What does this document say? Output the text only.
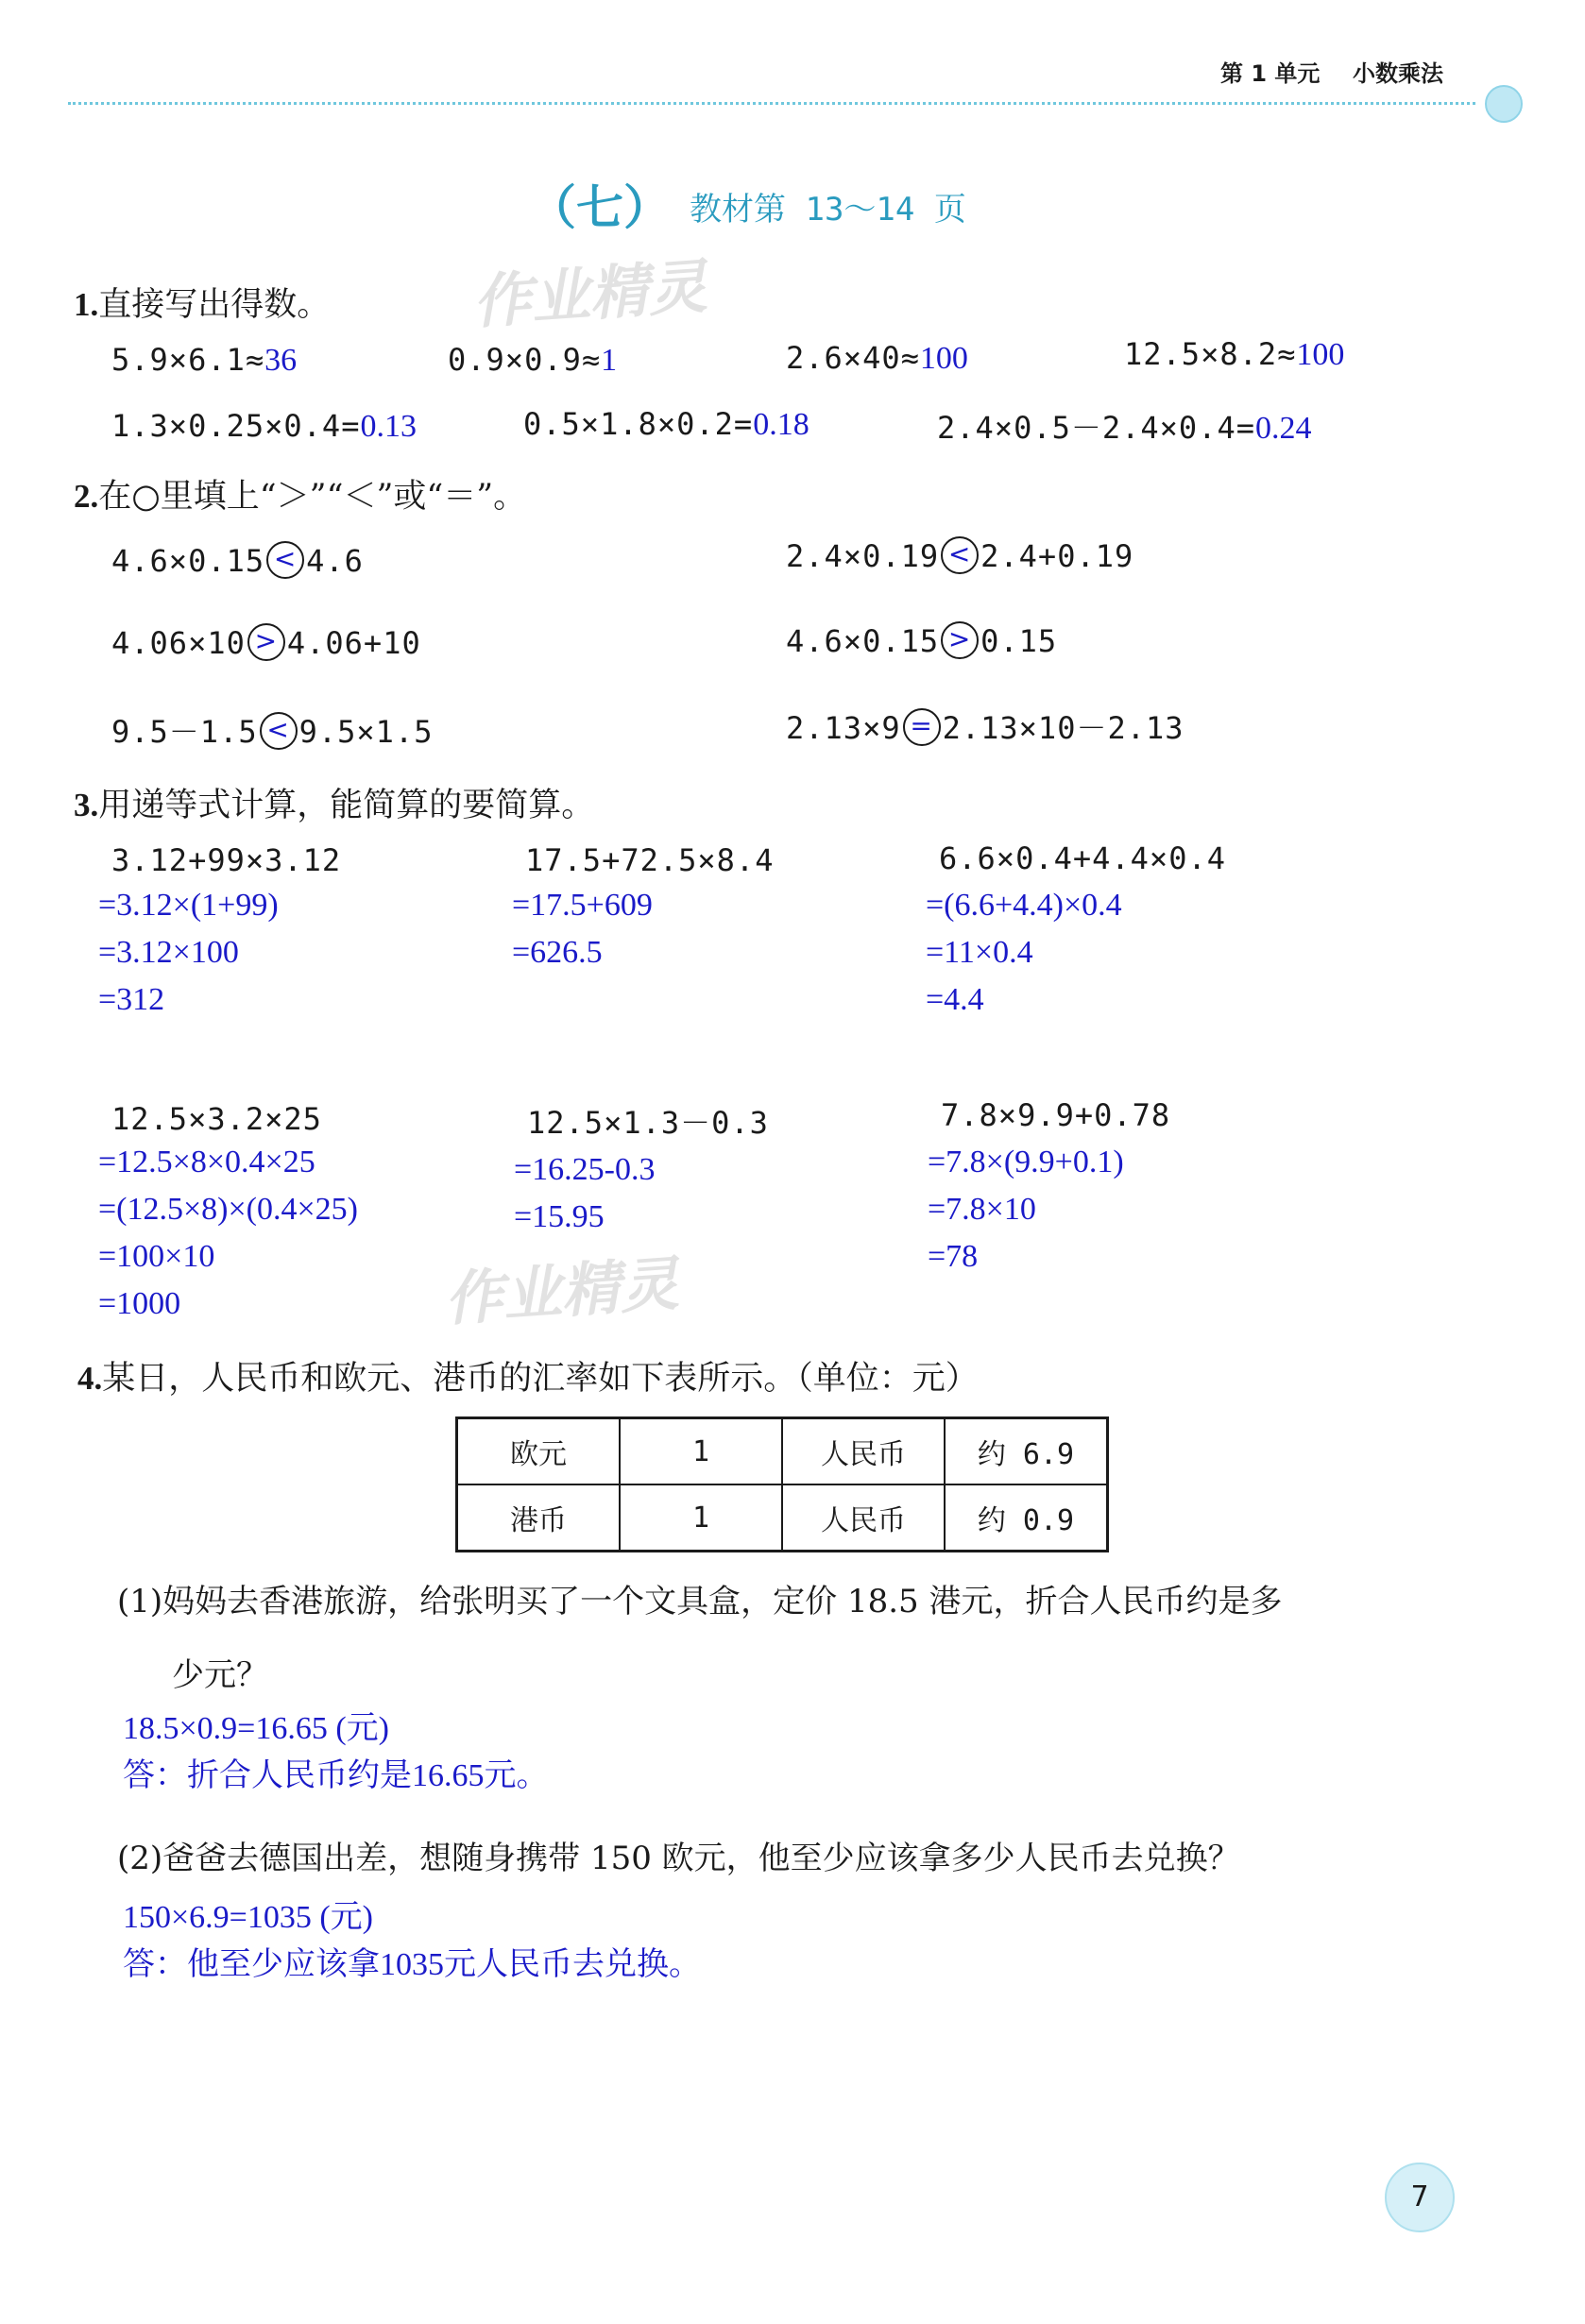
第 1 单元 小数乘法
（七） 教材第 13～14 页
作业精灵
作业精灵
1.直接写出得数。
5.9×6.1≈36	0.9×0.9≈1	2.6×40≈100	12.5×8.2≈100
1.3×0.25×0.4=0.13	0.5×1.8×0.2=0.18	2.4×0.5－2.4×0.4=0.24
2.在○里填上“＞”“＜”或“＝”。
4.6×0.15 < 4.6	2.4×0.19 < 2.4+0.19
4.06×10 > 4.06+10	4.6×0.15 > 0.15
9.5－1.5 < 9.5×1.5	2.13×9 = 2.13×10－2.13
3.用递等式计算，能简算的要简算。
3.12+99×3.12
=3.12×(1+99)
=3.12×100
=312
17.5+72.5×8.4
=17.5+609
=626.5
6.6×0.4+4.4×0.4
=(6.6+4.4)×0.4
=11×0.4
=4.4
12.5×3.2×25
=12.5×8×0.4×25
=(12.5×8)×(0.4×25)
=100×10
=1000
12.5×1.3－0.3
=16.25-0.3
=15.95
7.8×9.9+0.78
=7.8×(9.9+0.1)
=7.8×10
=78
4.某日，人民币和欧元、港币的汇率如下表所示。（单位：元）
欧元	1	人民币	约 6.9
港币	1	人民币	约 0.9
(1)妈妈去香港旅游，给张明买了一个文具盒，定价 18.5 港元，折合人民币约是多
少元？
18.5×0.9=16.65 (元)
答：折合人民币约是16.65元。
(2)爸爸去德国出差，想随身携带 150 欧元，他至少应该拿多少人民币去兑换？
150×6.9=1035 (元)
答：他至少应该拿1035元人民币去兑换。
7
